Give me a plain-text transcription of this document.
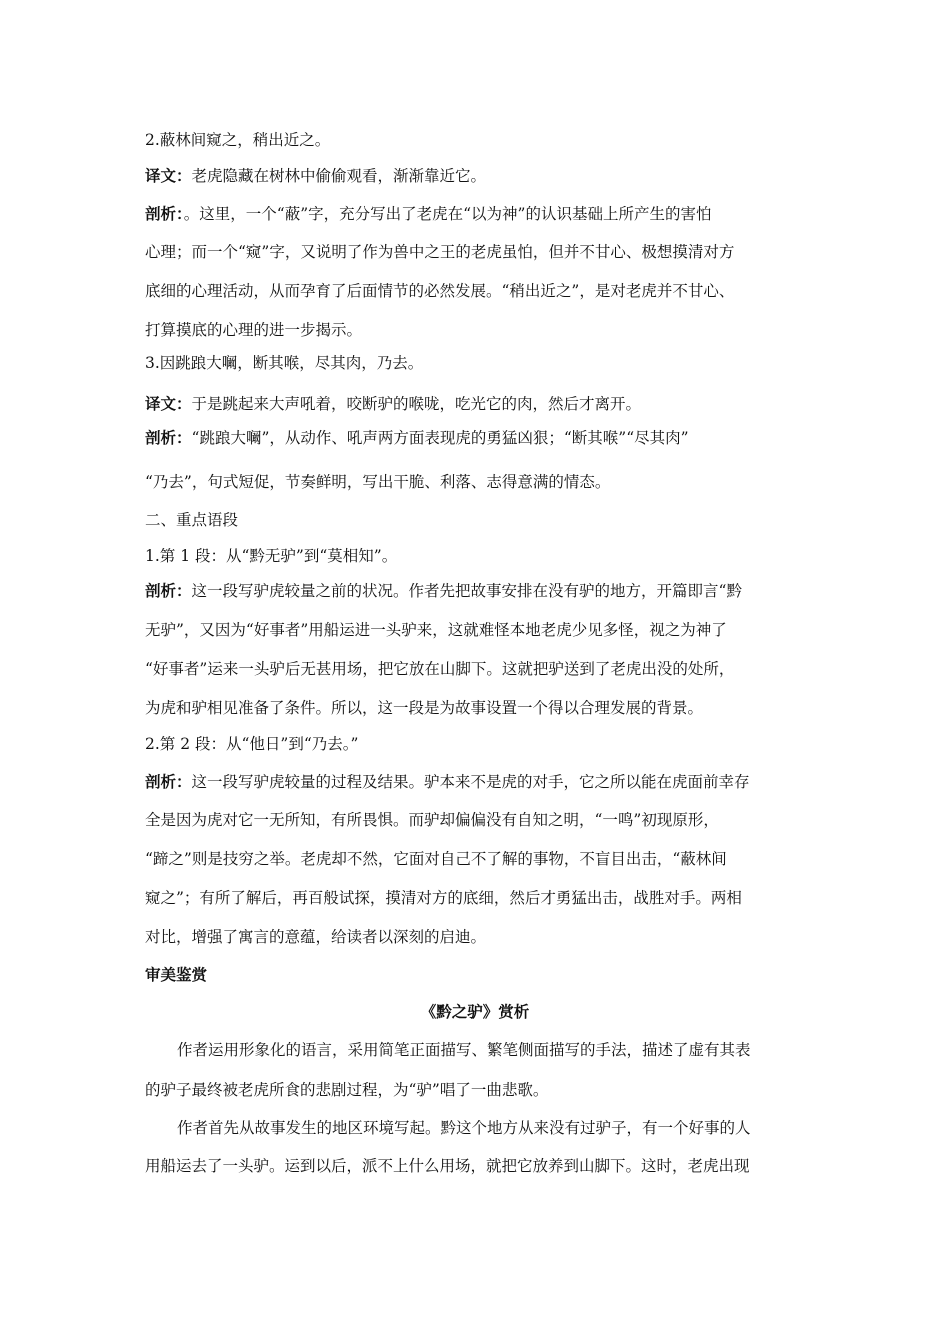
2.蔽林间窥之，稍出近之。
译文：老虎隐藏在树林中偷偷观看，渐渐靠近它。
剖析：。这里，一个“蔽”字，充分写出了老虎在“以为神”的认识基础上所产生的害怕
心理；而一个“窥”字，又说明了作为兽中之王的老虎虽怕，但并不甘心、极想摸清对方
底细的心理活动，从而孕育了后面情节的必然发展。“稍出近之”，是对老虎并不甘心、
打算摸底的心理的进一步揭示。
3.因跳踉大㘎，断其喉，尽其肉，乃去。
译文：于是跳起来大声吼着，咬断驴的喉咙，吃光它的肉，然后才离开。
剖析：“跳踉大㘎”，从动作、吼声两方面表现虎的勇猛凶狠；“断其喉”“尽其肉”
“乃去”，句式短促，节奏鲜明，写出干脆、利落、志得意满的情态。
二、重点语段
1.第 1 段：从“黔无驴”到“莫相知”。
剖析：这一段写驴虎较量之前的状况。作者先把故事安排在没有驴的地方，开篇即言“黔
无驴”，又因为“好事者”用船运进一头驴来，这就难怪本地老虎少见多怪，视之为神了
“好事者”运来一头驴后无甚用场，把它放在山脚下。这就把驴送到了老虎出没的处所，
为虎和驴相见准备了条件。所以，这一段是为故事设置一个得以合理发展的背景。
2.第 2 段：从“他日”到“乃去。”
剖析：这一段写驴虎较量的过程及结果。驴本来不是虎的对手，它之所以能在虎面前幸存
全是因为虎对它一无所知，有所畏惧。而驴却偏偏没有自知之明，“一鸣”初现原形，
“蹄之”则是技穷之举。老虎却不然，它面对自己不了解的事物，不盲目出击，“蔽林间
窥之”；有所了解后，再百般试探，摸清对方的底细，然后才勇猛出击，战胜对手。两相
对比，增强了寓言的意蕴，给读者以深刻的启迪。
审美鉴赏
《黔之驴》赏析
作者运用形象化的语言，采用简笔正面描写、繁笔侧面描写的手法，描述了虚有其表
的驴子最终被老虎所食的悲剧过程，为“驴”唱了一曲悲歌。
作者首先从故事发生的地区环境写起。黔这个地方从来没有过驴子，有一个好事的人
用船运去了一头驴。运到以后，派不上什么用场，就把它放养到山脚下。这时，老虎出现
